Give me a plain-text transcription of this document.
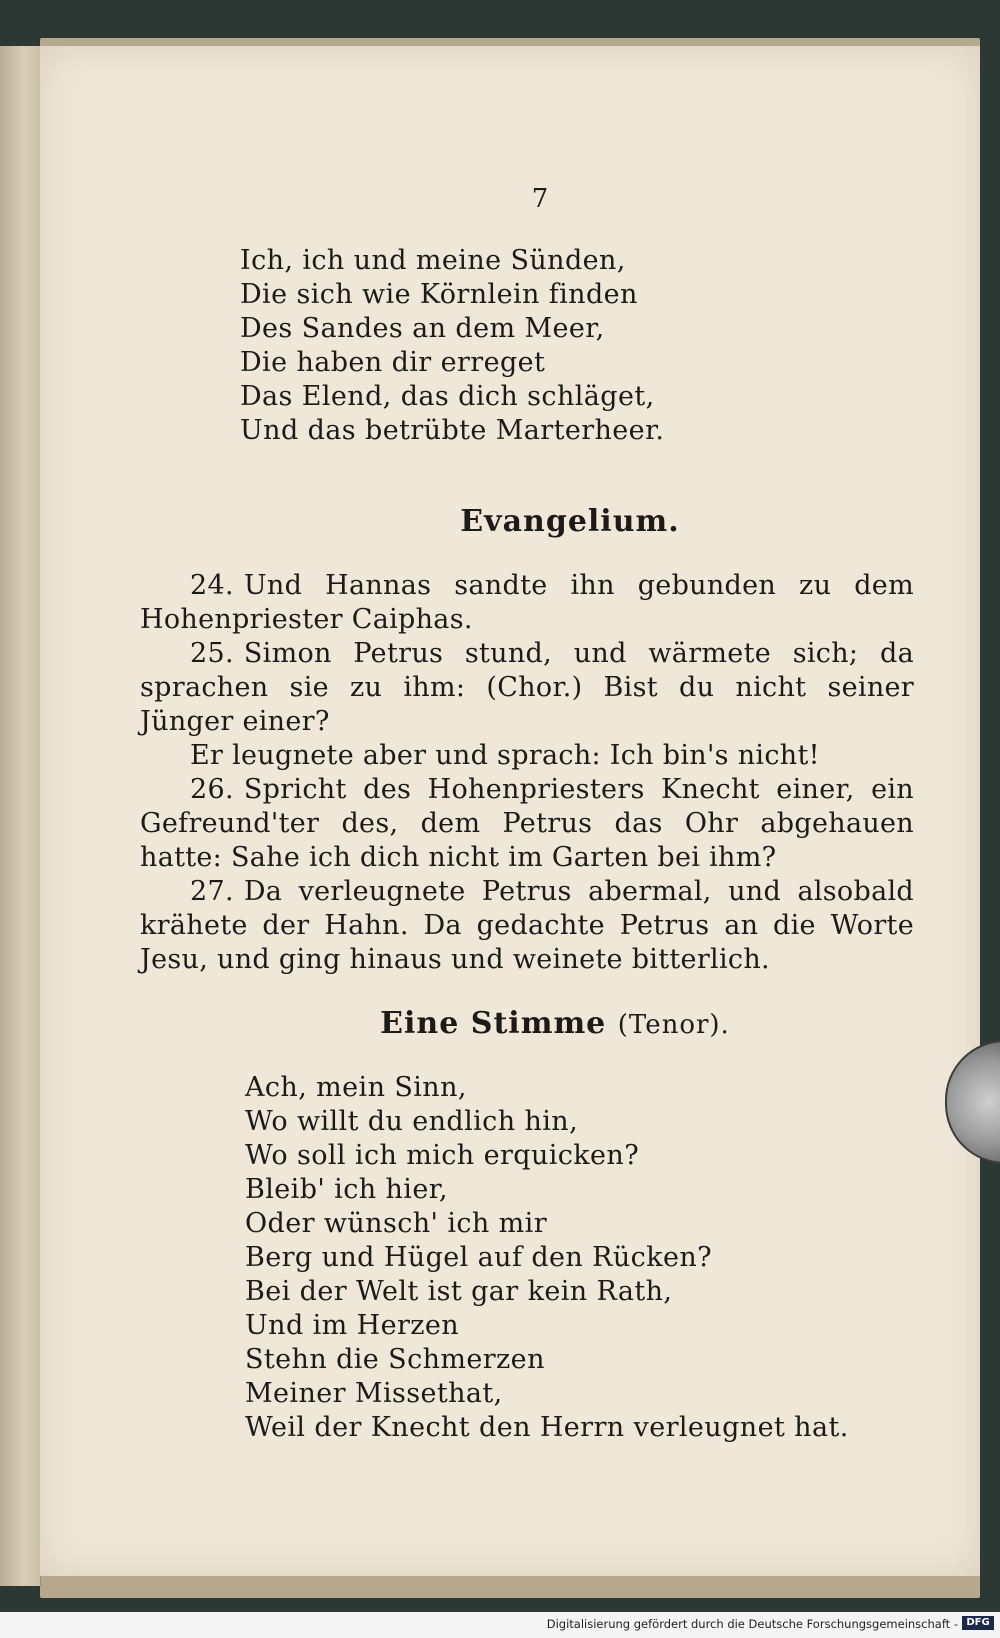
7
Ich, ich und meine Sünden,
Die sich wie Körnlein finden
Des Sandes an dem Meer,
Die haben dir erreget
Das Elend, das dich schläget,
Und das betrübte Marterheer.
Evangelium.

24. Und Hannas sandte ihn gebunden zu dem Hohenpriester Caiphas.

25. Simon Petrus stund, und wärmete sich; da sprachen sie zu ihm: (Chor.) Bist du nicht seiner Jünger einer?

Er leugnete aber und sprach: Ich bin's nicht!

26. Spricht des Hohenpriesters Knecht einer, ein Gefreund'ter des, dem Petrus das Ohr abgehauen hatte: Sahe ich dich nicht im Garten bei ihm?

27. Da verleugnete Petrus abermal, und alsobald krähete der Hahn. Da gedachte Petrus an die Worte Jesu, und ging hinaus und weinete bitterlich.

Eine Stimme (Tenor).
Ach, mein Sinn,
Wo willt du endlich hin,
Wo soll ich mich erquicken?
Bleib' ich hier,
Oder wünsch' ich mir
Berg und Hügel auf den Rücken?
Bei der Welt ist gar kein Rath,
Und im Herzen
Stehn die Schmerzen
Meiner Missethat,
Weil der Knecht den Herrn verleugnet hat.
Digitalisierung gefördert durch die Deutsche Forschungsgemeinschaft - DFG
